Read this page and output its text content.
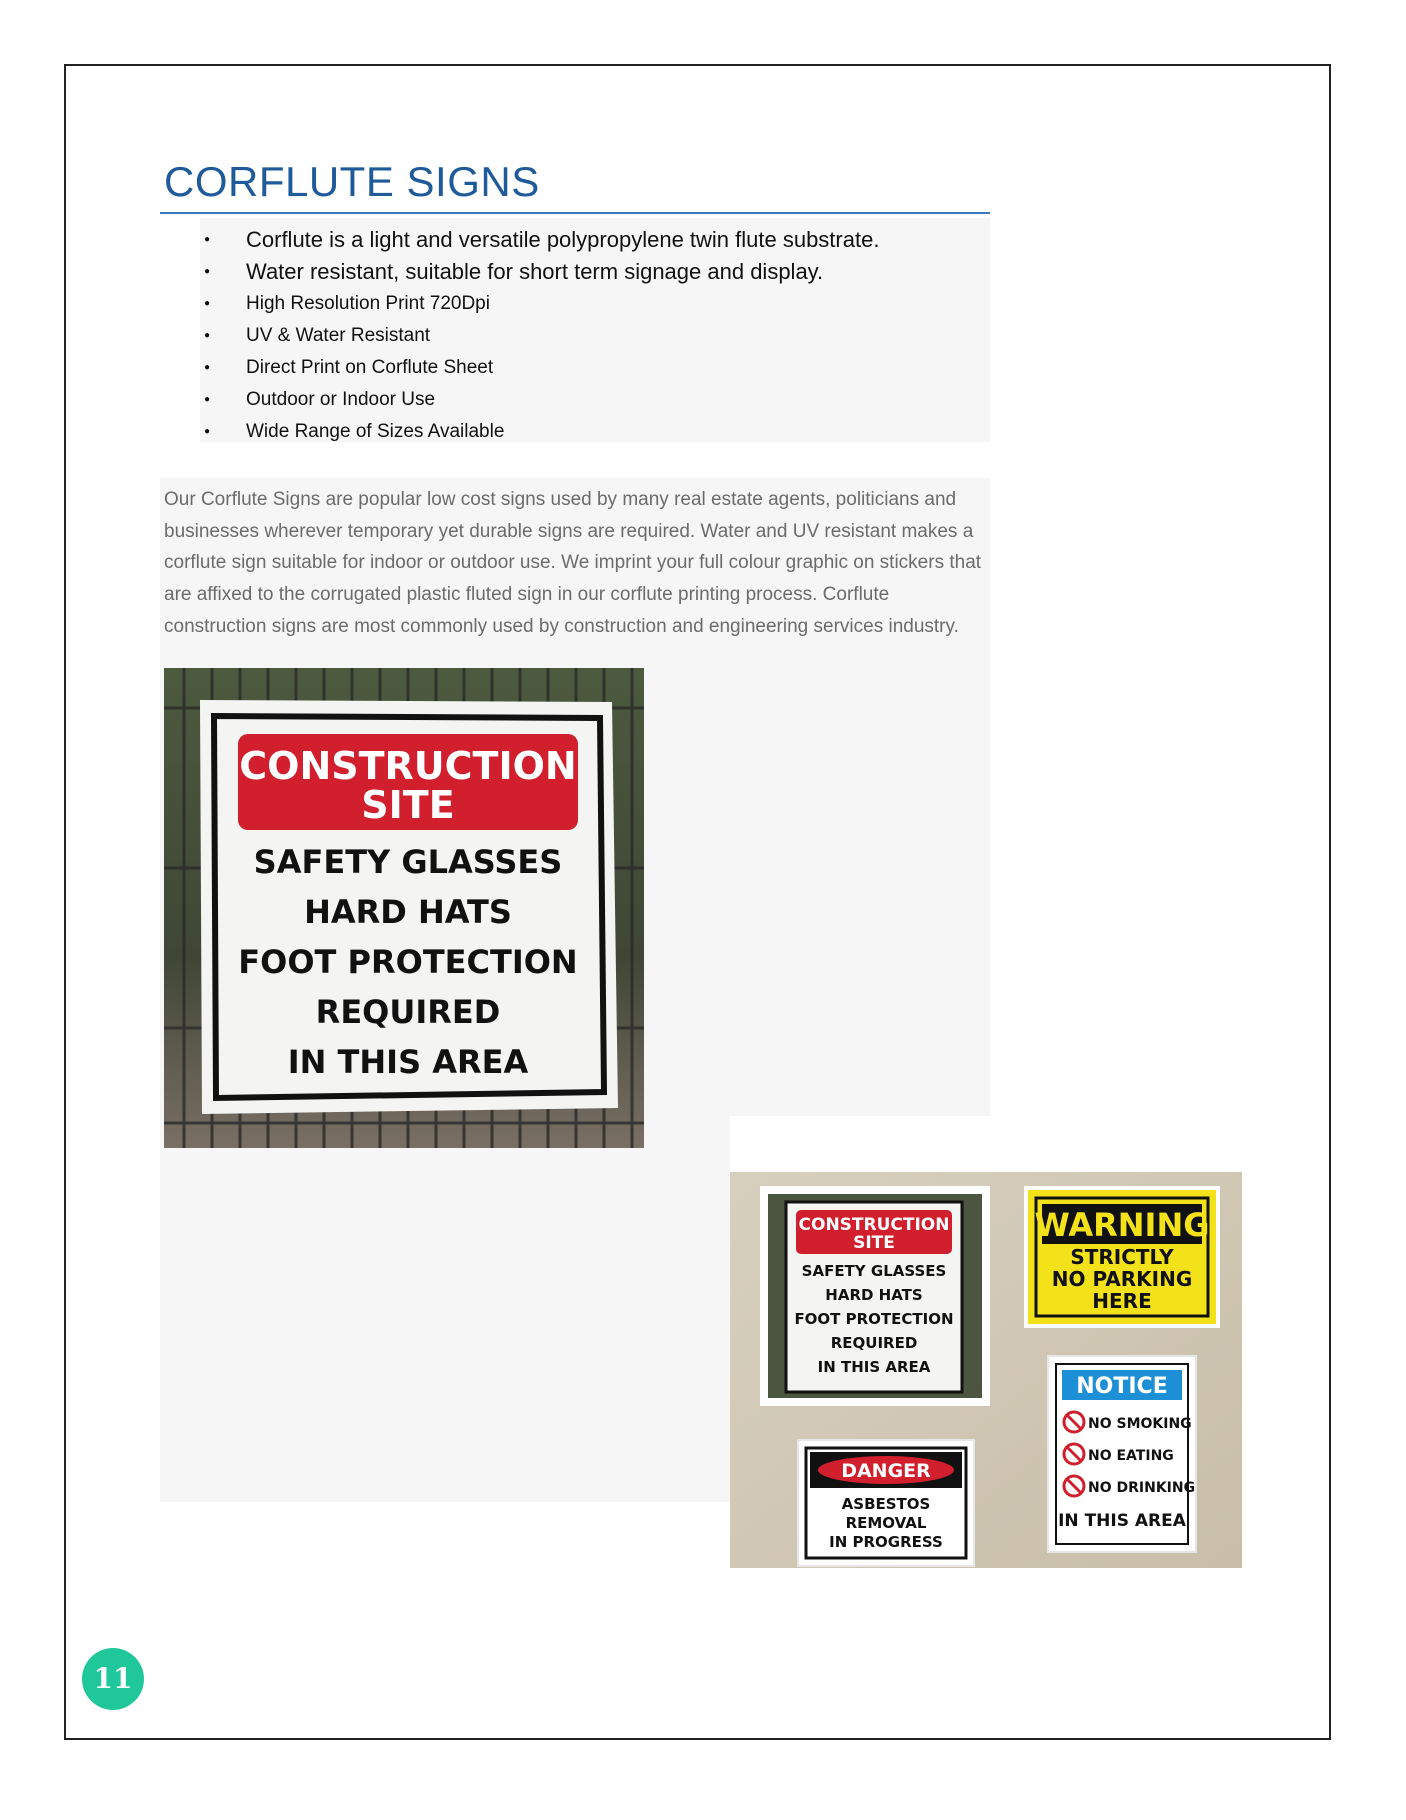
CORFLUTE SIGNS
● Corflute is a light and versatile polypropylene twin flute substrate.
● Water resistant, suitable for short term signage and display.
● High Resolution Print 720Dpi
● UV & Water Resistant
● Direct Print on Corflute Sheet
● Outdoor or Indoor Use
● Wide Range of Sizes Available

Our Corflute Signs are popular low cost signs used by many real estate agents, politicians and businesses wherever temporary yet durable signs are required. Water and UV resistant makes a corflute sign suitable for indoor or outdoor use. We imprint your full colour graphic on stickers that are affixed to the corrugated plastic fluted sign in our corflute printing process. Corflute construction signs are most commonly used by construction and engineering services industry.

CONSTRUCTION
SITE
SAFETY GLASSES
HARD HATS
FOOT PROTECTION
REQUIRED
IN THIS AREA
CONSTRUCTION
SITE
SAFETY GLASSES
HARD HATS
FOOT PROTECTION
REQUIRED
IN THIS AREA
WARNING
STRICTLY
NO PARKING
HERE
NOTICE
NO SMOKING
NO EATING
NO DRINKING
IN THIS AREA
DANGER
ASBESTOS
REMOVAL
IN PROGRESS
11
